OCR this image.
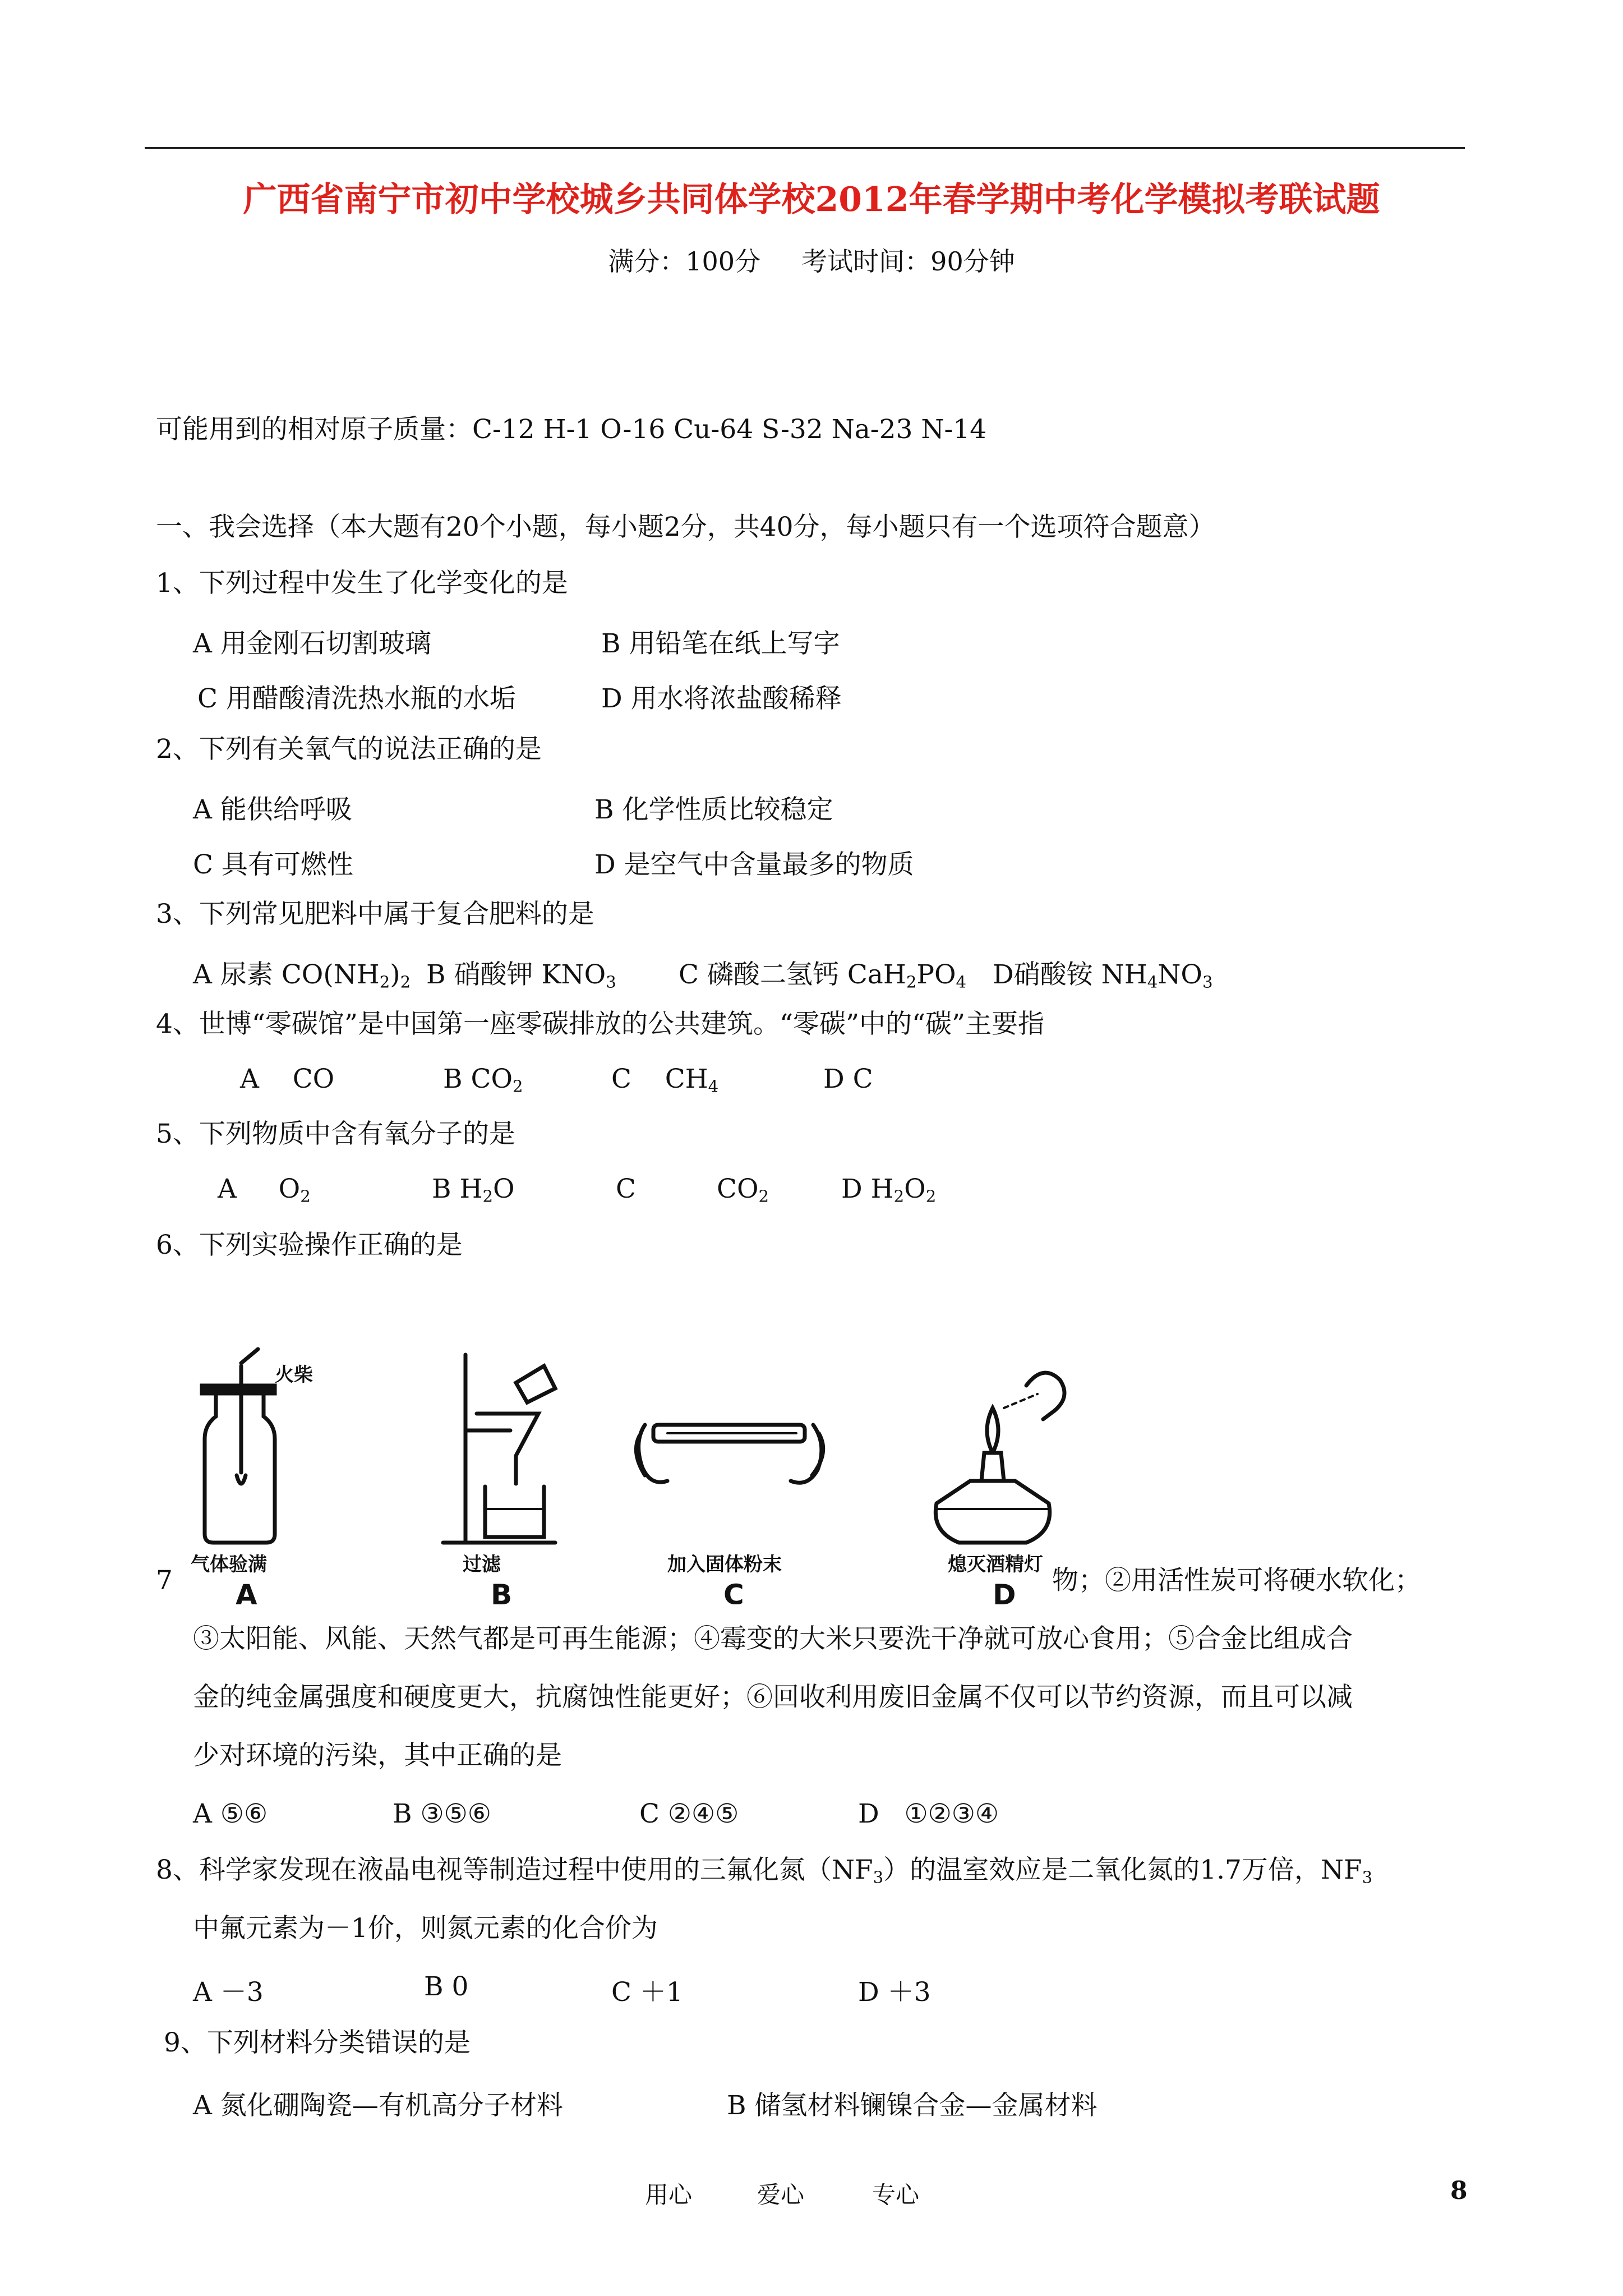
广西省南宁市初中学校城乡共同体学校2012年春学期中考化学模拟考联试题
满分：100分     考试时间：90分钟
可能用到的相对原子质量：C-12 H-1 O-16 Cu-64 S-32 Na-23 N-14
一、我会选择（本大题有20个小题，每小题2分，共40分，每小题只有一个选项符合题意）
1、下列过程中发生了化学变化的是
A 用金刚石切割玻璃	B 用铅笔在纸上写字
C 用醋酸清洗热水瓶的水垢	D 用水将浓盐酸稀释
2、下列有关氧气的说法正确的是
A 能供给呼吸	B 化学性质比较稳定
C 具有可燃性	D 是空气中含量最多的物质
3、下列常见肥料中属于复合肥料的是
A 尿素 $CO(NH_2)_2$ B 硝酸钾 $KNO_3$ C 磷酸二氢钙 $CaH_2PO_4$ D硝酸铵 $NH_4NO_3$
4、世博“零碳馆”是中国第一座零碳排放的公共建筑。“零碳”中的“碳”主要指
A    CO	B $CO_2$	C    $CH_4$	D C
5、下列物质中含有氧分子的是
A     $O_2$	B $H_2O$	C	$CO_2$	D $H_2O_2$
6、下列实验操作正确的是
火柴
气体验满	过滤	加入固体粉末	熄灭酒精灯
A	B	C	D
7	物；②用活性炭可将硬水软化；
③太阳能、风能、天然气都是可再生能源；④霉变的大米只要洗干净就可放心食用；⑤合金比组成合
金的纯金属强度和硬度更大，抗腐蚀性能更好；⑥回收利用废旧金属不仅可以节约资源，而且可以减
少对环境的污染，其中正确的是
A ⑤⑥	B ③⑤⑥	C ②④⑤	D   ①②③④
8、科学家发现在液晶电视等制造过程中使用的三氟化氮$(NF_3)$的温室效应是二氧化氮的1.7万倍，$NF_3$
中氟元素为－1价，则氮元素的化合价为
A －3	B 0	C ＋1	D ＋3
9、下列材料分类错误的是
A 氮化硼陶瓷—有机高分子材料	B 储氢材料镧镍合金—金属材料
用心	爱心	专心	8
